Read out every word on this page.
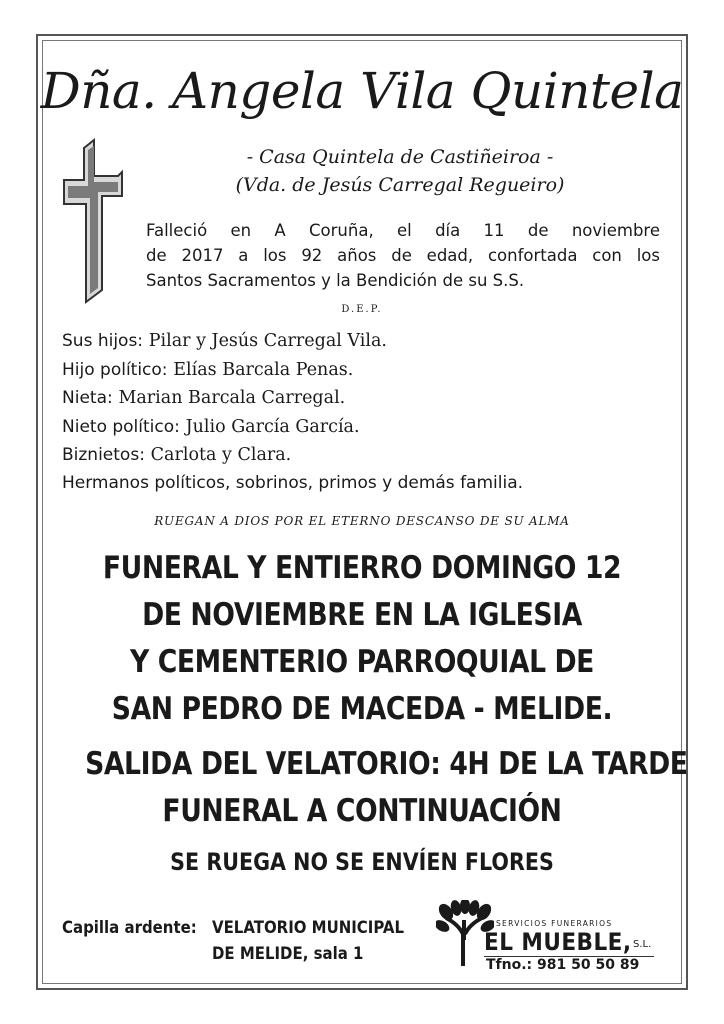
Dña. Angela Vila Quintela
- Casa Quintela de Castiñeiroa -
(Vda. de Jesús Carregal Regueiro)
Falleció en A Coruña, el día 11 de noviembre
de 2017 a los 92 años de edad, confortada con los
Santos Sacramentos y la Bendición de su S.S.
D.E.P.
Sus hijos: Pilar y Jesús Carregal Vila.
Hijo político: Elías Barcala Penas.
Nieta: Marian Barcala Carregal.
Nieto político: Julio García García.
Biznietos: Carlota y Clara.
Hermanos políticos, sobrinos, primos y demás familia.
RUEGAN A DIOS POR EL ETERNO DESCANSO DE SU ALMA
FUNERAL Y ENTIERRO DOMINGO 12
DE NOVIEMBRE EN LA IGLESIA
Y CEMENTERIO PARROQUIAL DE
SAN PEDRO DE MACEDA - MELIDE.
SALIDA DEL VELATORIO: 4H DE LA TARDE
FUNERAL A CONTINUACIÓN
SE RUEGA NO SE ENVÍEN FLORES
Capilla ardente: VELATORIO MUNICIPAL
DE MELIDE, sala 1
SERVICIOS FUNERARIOS
EL MUEBLE, S.L.
Tfno.: 981 50 50 89
